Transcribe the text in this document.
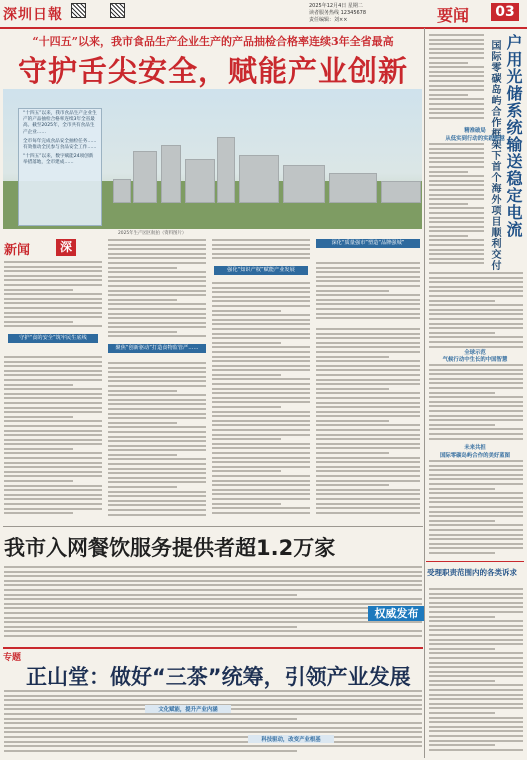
深圳日報
2025年12月4日 星期二
读者服务热线 12345678
责任编辑：刘××	要闻	03
“十四五”以来，我市食品生产企业生产的产品抽检合格率连续3年全省最高
守护舌尖安全，赋能产业创新
“十四五”以来，我市食品生产企业生产的产品抽检合格率连续3年全省最高。截至2025年，全市共有食品生产企业……
全市每年完成食品安全抽检任务……有效推动全民参与食品安全工作……
“十四五”以来，数字赋能24项创新举措落地，全市建成……
2025年生产园区航拍（资料图片）
新闻	深
聚焦“创新驱动”打造食物监管严……
守护“食的安全”筑牢民生底线
强化“知识产权”赋能产业发展
深化“质量强市”塑造“品牌强城”
我市入网餐饮服务提供者超1.2万家
权威发布
专题
正山堂：做好“三茶”统筹，引领产业发展
文化赋能，提升产业内涵
科技驱动，改变产业根基
户用光储系统输送稳定电流
国际零碳岛屿合作框架下首个海外项目顺利交付
精准破局
从低实到行动的实践跨越
全球示范
气候行动中生长的中国智慧
未来共担
国际零碳岛屿合作的美好蓝图
受理职责范围内的各类诉求
